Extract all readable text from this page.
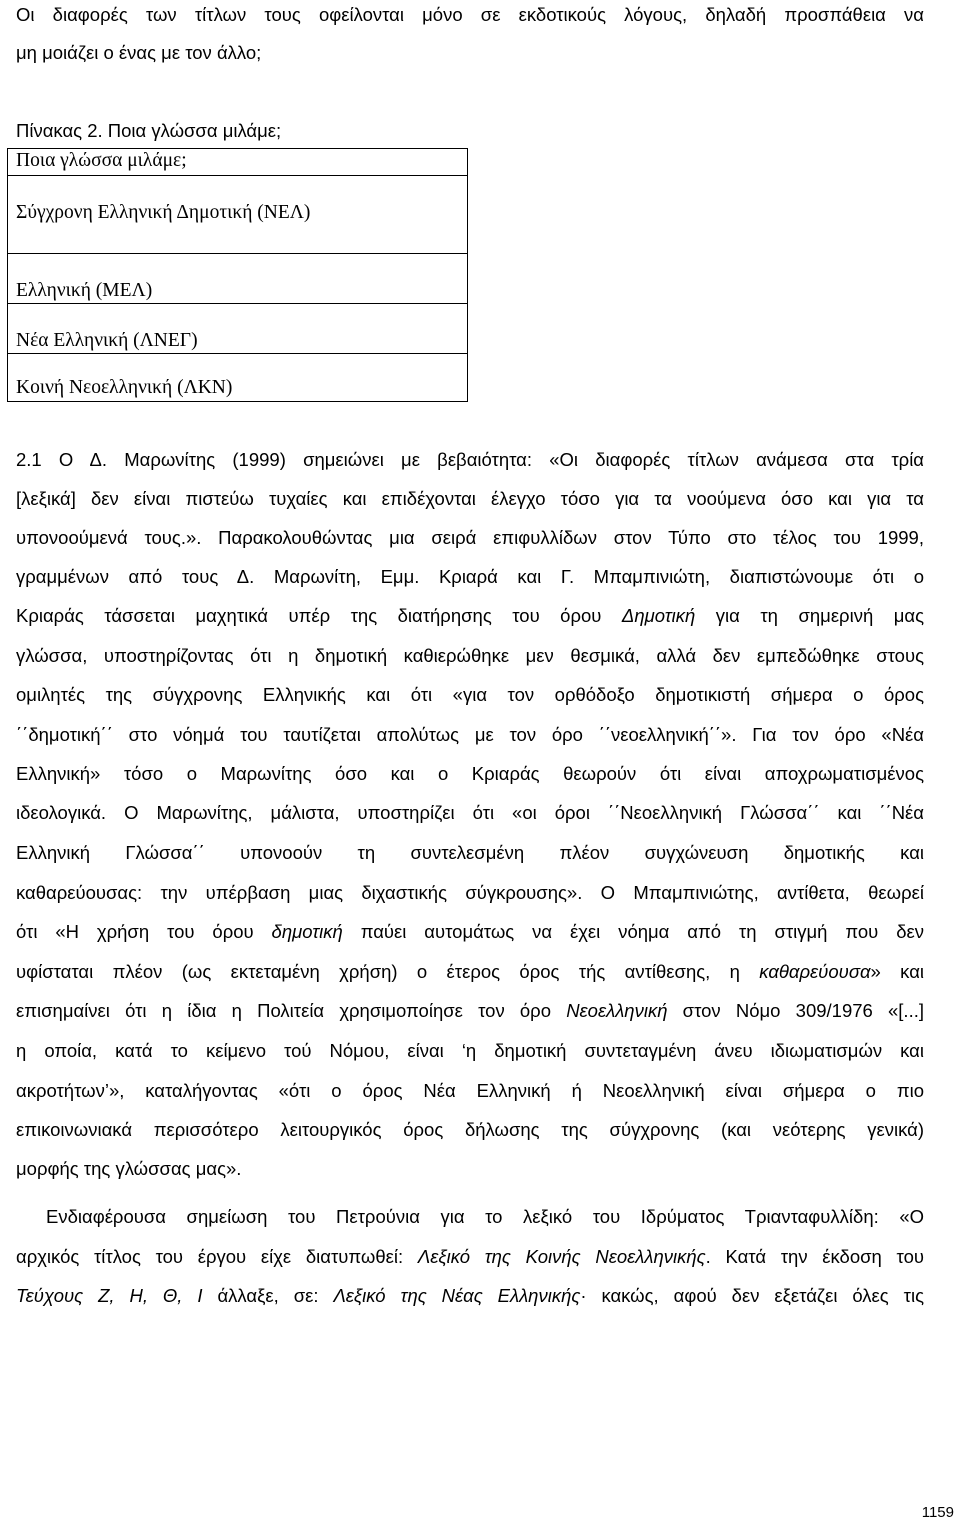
Οι διαφορές των τίτλων τους οφείλονται μόνο σε εκδοτικούς λόγους, δηλαδή προσπάθεια να
μη μοιάζει ο ένας με τον άλλο;
Πίνακας 2. Ποια γλώσσα μιλάμε;
Ποια γλώσσα μιλάμε;
Σύγχρονη Ελληνική Δημοτική (ΝΕΛ)
Ελληνική (ΜΕΛ)
Νέα Ελληνική (ΛΝΕΓ)
Κοινή Νεοελληνική (ΛΚΝ)
2.1 Ο Δ. Μαρωνίτης (1999) σημειώνει με βεβαιότητα: «Οι διαφορές τίτλων ανάμεσα στα τρία
[λεξικά] δεν είναι πιστεύω τυχαίες και επιδέχονται έλεγχο τόσο για τα νοούμενα όσο και για τα
υπονοούμενά τους.». Παρακολουθώντας μια σειρά επιφυλλίδων στον Τύπο στο τέλος του 1999,
γραμμένων από τους Δ. Μαρωνίτη, Εμμ. Κριαρά και Γ. Μπαμπινιώτη, διαπιστώνουμε ότι ο
Κριαράς τάσσεται μαχητικά υπέρ της διατήρησης του όρου Δημοτική για τη σημερινή μας
γλώσσα, υποστηρίζοντας ότι η δημοτική καθιερώθηκε μεν θεσμικά, αλλά δεν εμπεδώθηκε στους
ομιλητές της σύγχρονης Ελληνικής και ότι «για τον ορθόδοξο δημοτικιστή σήμερα ο όρος
΄΄δημοτική΄΄ στο νόημά του ταυτίζεται απολύτως με τον όρο ΄΄νεοελληνική΄΄». Για τον όρο «Νέα
Ελληνική» τόσο ο Μαρωνίτης όσο και ο Κριαράς θεωρούν ότι είναι αποχρωματισμένος
ιδεολογικά. Ο Μαρωνίτης, μάλιστα, υποστηρίζει ότι «οι όροι ΄΄Νεοελληνική Γλώσσα΄΄ και ΄΄Νέα
Ελληνική Γλώσσα΄΄ υπονοούν τη συντελεσμένη πλέον συγχώνευση δημοτικής και
καθαρεύουσας: την υπέρβαση μιας διχαστικής σύγκρουσης». Ο Μπαμπινιώτης, αντίθετα, θεωρεί
ότι «Η χρήση του όρου δημοτική παύει αυτομάτως να έχει νόημα από τη στιγμή που δεν
υφίσταται πλέον (ως εκτεταμένη χρήση) ο έτερος όρος τής αντίθεσης, η καθαρεύουσα» και
επισημαίνει ότι η ίδια η Πολιτεία χρησιμοποίησε τον όρο Νεοελληνική στον Νόμο 309/1976 «[...]
η οποία, κατά το κείμενο τού Νόμου, είναι ‘η δημοτική συντεταγμένη άνευ ιδιωματισμών και
ακροτήτων’», καταλήγοντας «ότι ο όρος Νέα Ελληνική ή Νεοελληνική είναι σήμερα ο πιο
επικοινωνιακά περισσότερο λειτουργικός όρος δήλωσης της σύγχρονης (και νεότερης γενικά)
μορφής της γλώσσας μας».
Ενδιαφέρουσα σημείωση του Πετρούνια για το λεξικό του Ιδρύματος Τριανταφυλλίδη: «Ο
αρχικός τίτλος του έργου είχε διατυπωθεί: Λεξικό της Κοινής Νεοελληνικής. Κατά την έκδοση του
Τεύχους Ζ, Η, Θ, Ι άλλαξε, σε: Λεξικό της Νέας Ελληνικής· κακώς, αφού δεν εξετάζει όλες τις
1159
